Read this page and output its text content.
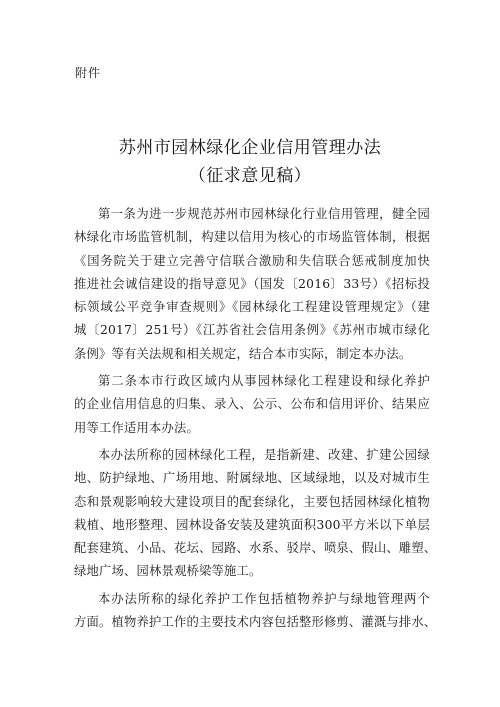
附件
苏州市园林绿化企业信用管理办法
（征求意见稿）
第一条为进一步规范苏州市园林绿化行业信用管理，健全园
林绿化市场监管机制，构建以信用为核心的市场监管体制，根据
《国务院关于建立完善守信联合激励和失信联合惩戒制度加快
推进社会诚信建设的指导意见》（国发〔2016〕33号）《招标投
标领域公平竞争审查规则》《园林绿化工程建设管理规定》（建
城〔2017〕251号）《江苏省社会信用条例》《苏州市城市绿化
条例》等有关法规和相关规定，结合本市实际，制定本办法。
第二条本市行政区域内从事园林绿化工程建设和绿化养护
的企业信用信息的归集、录入、公示、公布和信用评价、结果应
用等工作适用本办法。
本办法所称的园林绿化工程，是指新建、改建、扩建公园绿
地、防护绿地、广场用地、附属绿地、区域绿地，以及对城市生
态和景观影响较大建设项目的配套绿化，主要包括园林绿化植物
栽植、地形整理、园林设备安装及建筑面积300平方米以下单层
配套建筑、小品、花坛、园路、水系、驳岸、喷泉、假山、雕塑、
绿地广场、园林景观桥梁等施工。
本办法所称的绿化养护工作包括植物养护与绿地管理两个
方面。植物养护工作的主要技术内容包括整形修剪、灌溉与排水、
